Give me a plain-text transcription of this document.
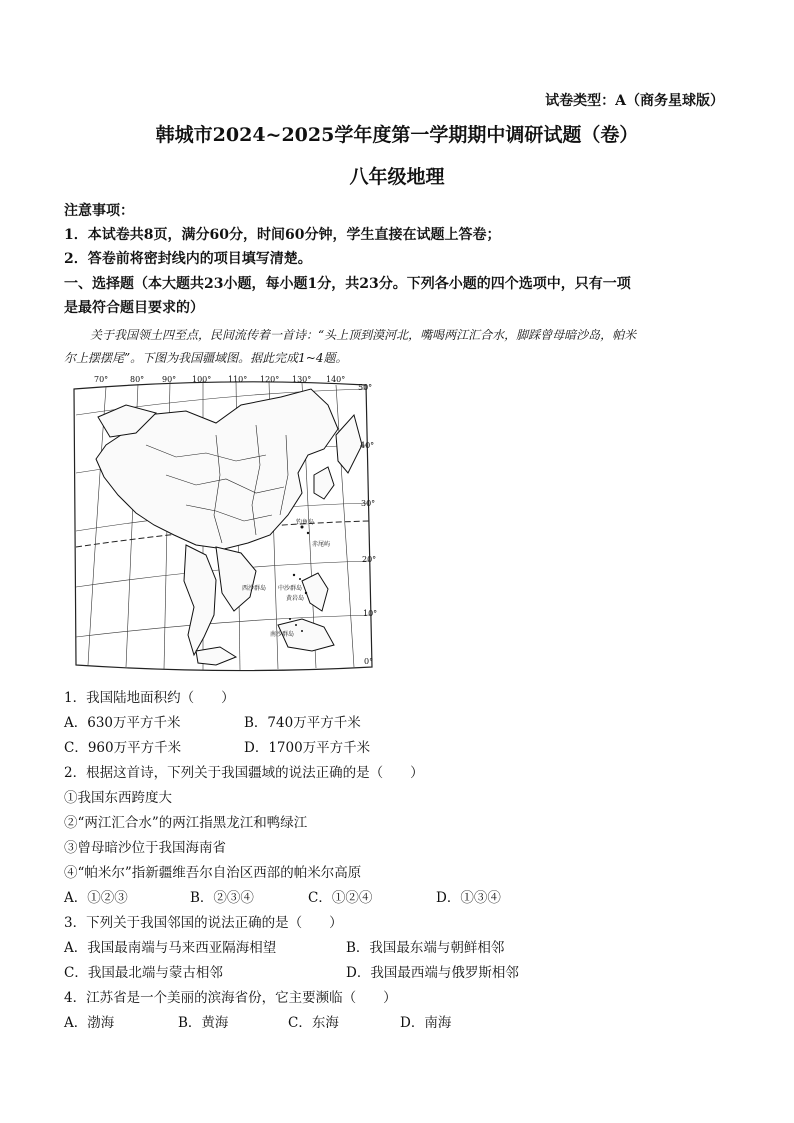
试卷类型：A（商务星球版）
韩城市2024~2025学年度第一学期期中调研试题（卷）
八年级地理
注意事项：
1．本试卷共8页，满分60分，时间60分钟，学生直接在试题上答卷；
2．答卷前将密封线内的项目填写清楚。
一、选择题（本大题共23小题，每小题1分，共23分。下列各小题的四个选项中，只有一项
是最符合题目要求的）
关于我国领土四至点，民间流传着一首诗：“头上顶到漠河北，嘴喝两江汇合水，脚踩曾母暗沙岛，帕米
尔上摆摆尾”。下图为我国疆域图。据此完成1~4题。
70°	80° 90° 100° 110° 120° 130° 140°
50°
40°
30°
20°
10°
0°
钓鱼岛
赤尾屿
西沙群岛 中沙群岛
黄岩岛
南沙群岛
1．我国陆地面积约（　　）
A．630万平方千米	B．740万平方千米
C．960万平方千米	D．1700万平方千米
2．根据这首诗，下列关于我国疆域的说法正确的是（　　）
①我国东西跨度大
②“两江汇合水”的两江指黑龙江和鸭绿江
③曾母暗沙位于我国海南省
④“帕米尔”指新疆维吾尔自治区西部的帕米尔高原
A．①②③	B．②③④	C．①②④	D．①③④
3．下列关于我国邻国的说法正确的是（　　）
A．我国最南端与马来西亚隔海相望	B．我国最东端与朝鲜相邻
C．我国最北端与蒙古相邻	D．我国最西端与俄罗斯相邻
4．江苏省是一个美丽的滨海省份，它主要濒临（　　）
A．渤海	B．黄海	C．东海	D．南海
